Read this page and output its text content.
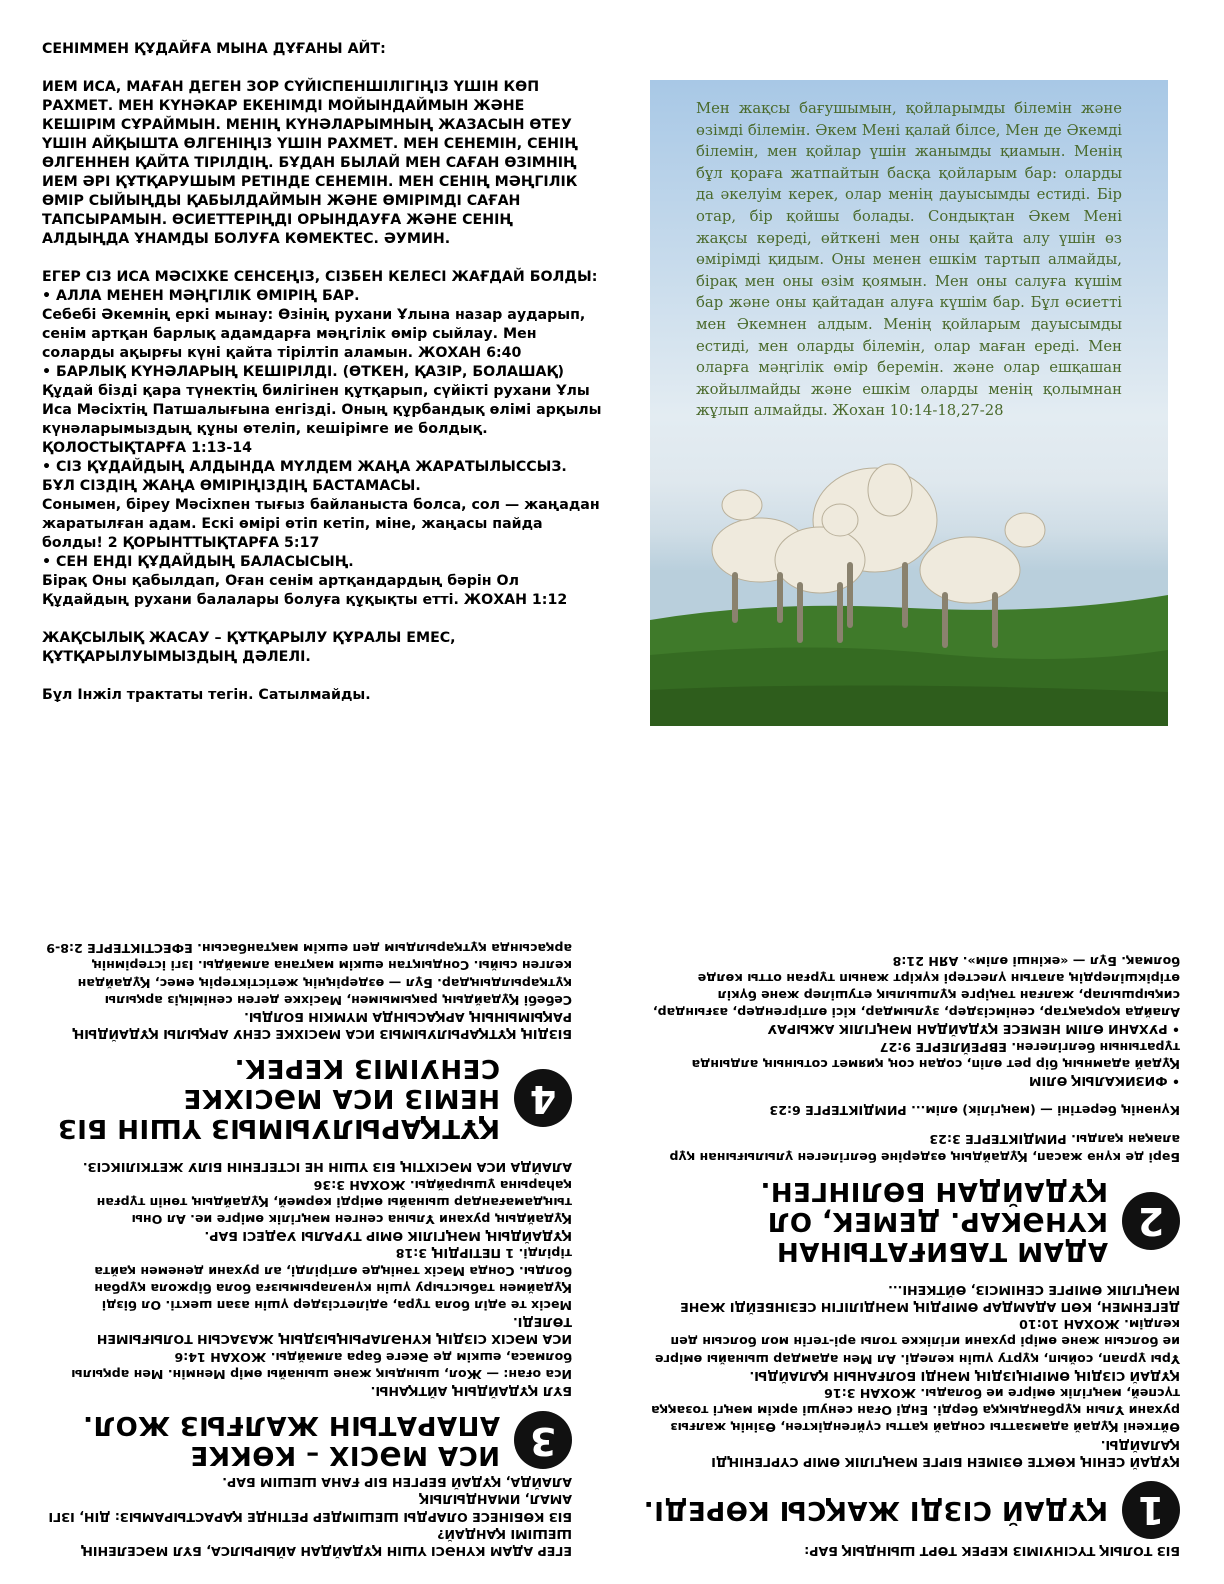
СЕНІММЕН ҚҰДАЙҒА МЫНА ДҰҒАНЫ АЙТ:

ИЕМ ИСА, МАҒАН ДЕГЕН ЗОР СҮЙІСПЕНШІЛІГІҢІЗ ҮШІН КӨП РАХМЕТ. МЕН КҮНӘКАР ЕКЕНІМДІ МОЙЫНДАЙМЫН ЖӘНЕ КЕШІРІМ СҰРАЙМЫН. МЕНІҢ КҮНӘЛАРЫМНЫҢ ЖАЗАСЫН ӨТЕУ ҮШІН АЙҚЫШТА ӨЛГЕНІҢІЗ ҮШІН РАХМЕТ. МЕН СЕНЕМІН, СЕНІҢ ӨЛГЕННЕН ҚАЙТА ТІРІЛДІҢ. БҰДАН БЫЛАЙ МЕН САҒАН ӨЗІМНІҢ ИЕМ ӘРІ ҚҰТҚАРУШЫМ РЕТІНДЕ СЕНЕМІН. МЕН СЕНІҢ МӘҢГІЛІК ӨМІР СЫЙЫҢДЫ ҚАБЫЛДАЙМЫН ЖӘНЕ ӨМІРІМДІ САҒАН ТАПСЫРАМЫН. ӨСИЕТТЕРІҢДІ ОРЫНДАУҒА ЖӘНЕ СЕНІҢ АЛДЫҢДА ҰНАМДЫ БОЛУҒА КӨМЕКТЕС. ӘУМИН.

ЕГЕР СІЗ ИСА МӘСІХКЕ СЕНСЕҢІЗ, СІЗБЕН КЕЛЕСІ ЖАҒДАЙ БОЛДЫ:
• АЛЛА МЕНЕН МӘҢГІЛІК ӨМІРІҢ БАР.
Себебі Әкемнің еркі мынау: Өзінің рухани Ұлына назар аударып, сенім артқан барлық адамдарға мәңгілік өмір сыйлау. Мен соларды ақырғы күні қайта тірілтіп аламын. ЖОХАН 6:40
• БАРЛЫҚ КҮНӘЛАРЫҢ КЕШІРІЛДІ. (ӨТКЕН, ҚАЗІР, БОЛАШАҚ)
Құдай бізді қара түнектің билігінен құтқарып, сүйікті рухани Ұлы Иса Мәсіхтің Патшалығына енгізді. Оның құрбандық өлімі арқылы күнәларымыздың құны өтеліп, кешірімге ие болдық. ҚОЛОСТЫҚТАРҒА 1:13-14
• СІЗ ҚҰДАЙДЫҢ АЛДЫНДА МҮЛДЕМ ЖАҢА ЖАРАТЫЛЫССЫЗ. БҰЛ СІЗДІҢ ЖАҢА ӨМІРІҢІЗДІҢ БАСТАМАСЫ.
Сонымен, біреу Мәсіхпен тығыз байланыста болса, сол — жаңадан жаратылған адам. Ескі өмірі өтіп кетіп, міне, жаңасы пайда болды! 2 ҚОРЫНТТЫҚТАРҒА 5:17
• СЕН ЕНДІ ҚҰДАЙДЫҢ БАЛАСЫСЫҢ.

Бірақ Оны қабылдап, Оған сенім артқандардың бәрін Ол Құдайдың рухани балалары болуға құқықты етті. ЖОХАН 1:12

ЖАҚСЫЛЫҚ ЖАСАУ – ҚҰТҚАРЫЛУ ҚҰРАЛЫ ЕМЕС, ҚҰТҚАРЫЛУЫМЫЗДЫҢ ДӘЛЕЛІ.

Бұл Інжіл трактаты тегін. Сатылмайды.

Мен жақсы бағушымын, қойларымды білемін және өзімді білемін. Әкем Мені қалай білсе, Мен де Әкемді білемін, мен қойлар үшін жанымды қиамын. Менің бұл қораға жатпайтын басқа қойларым бар: оларды да әкелуім керек, олар менің дауысымды естиді. Бір отар, бір қойшы болады. Сондықтан Әкем Мені жақсы көреді, өйткені мен оны қайта алу үшін өз өмірімді қидым. Оны менен ешкім тартып алмайды, бірақ мен оны өзім қоямын. Мен оны салуға күшім бар және оны қайтадан алуға күшім бар. Бұл өсиетті мен Әкемнен алдым. Менің қойларым дауысымды естиді, мен оларды білемін, олар маған ереді. Мен оларға мәңгілік өмір беремін. және олар ешқашан жойылмайды және ешкім оларды менің қолымнан жұлып алмайды. Жохан 10:14-18,27-28
БІЗ ТОЛЫҚ ТҮСІНУІМІЗ КЕРЕК ТӨРТ ШЫНДЫҚ БАР:
1
ҚҰДАЙ СІЗДІ ЖАҚСЫ КӨРЕДІ.
ҚҰДАЙ СЕНІҢ КӨКТЕ ӨЗІМЕН БІРГЕ МӘҢГІЛІК ӨМІР СҮРГЕНІҢДІ ҚАЛАЙДЫ.
Өйткені Құдай адамзатты сондай қатты сүйгендіктен, Өзінің жалғыз рухани Ұлын құрбандыққа берді. Енді Оған сенуші әркім мәңгі тозаққа түспей, мәңгілік өмірге ие болады. ЖОХАН 3:16
ҚҰДАЙ СІЗДІҢ ӨМІРІҢІЗДІҢ МӘНДІ БОЛҒАНЫН ҚАЛАЙДЫ.
Ұры ұрлап, сойып, құрту үшін келеді. Ал Мен адамдар шынайы өмірге ие болсын және өмірі рухани игілікке толы әрі-тегін мол болсын деп келдім. ЖОХАН 10:10
ДЕГЕНМЕН, КӨП АДАМДАР ӨМІРДІҢ МӘНДІЛІГІН СЕЗІНБЕЙДІ ЖӘНЕ МӘҢГІЛІК ӨМІРГЕ СЕНІМСІЗ, ӨЙТКЕНІ...
2
АДАМ ТАБИҒАТЫНАН КҮНӘКАР. ДЕМЕК, ОЛ ҚҰДАЙДАН БӨЛІНГЕН.
Бәрі де күнә жасап, Құдайдың өздеріне белгілеген ұлылығынан құр алақан қалды. РИМДІКТЕРГЕ 3:23
Күнәнің беретіні — (мәңгілік) өлім... РИМДІКТЕРГЕ 6:23
• ФИЗИКАЛЫҚ ӨЛІМ
Құдай адамның бір рет өліп, содан соң қиямет сотының алдында тұратынын белгілеген. ЕВРЕЙЛЕРГЕ 9:27
• РУХАНИ ӨЛІМ НЕМЕСЕ ҚҰДАЙДАН МӘҢГІЛІК АЖЫРАУ
Алайда қорқақтар, сенімсіздер, зұлымдар, кісі өлтіргендер, азғындар, сиқыршылар, жалған тәңірге құлшылық етушілер және бүкіл өтірікшілердің алатын үлестері күкірт жанып тұрған отты көлде болмақ. Бұл — «екінші өлім». АЯН 21:8
ЕГЕР АДАМ КҮНӘСІ ҮШІН ҚҰДАЙДАН АЙЫРЫЛСА, БҰЛ МӘСЕЛЕНІҢ ШЕШІМІ ҚАНДАЙ?
БІЗ КӨБІНЕСЕ ОЛАРДЫ ШЕШІМДЕР РЕТІНДЕ ҚАРАСТЫРАМЫЗ: ДІН, ІЗГІ АМАЛ, ИМАНДЫЛЫҚ
АЛАЙДА, ҚҰДАЙ БЕРГЕН БІР ҒАНА ШЕШІМ БАР.
3
ИСА МӘСІХ – КӨККЕ АПАРАТЫН ЖАЛҒЫЗ ЖОЛ.
БҰЛ ҚҰДАЙДЫҢ АЙТҚАНЫ.
Иса оған: — Жол, шындық және шынайы өмір Менмін. Мен арқылы болмаса, ешкім де Әкеге бара алмайды. ЖОХАН 14:6
ИСА МӘСІХ СІЗДІҢ КҮНӘЛАРЫҢЫЗДЫҢ ЖАЗАСЫН ТОЛЫҒЫМЕН ТӨЛЕДІ.
Мәсіх те әділ бола тұра, әділетсіздер үшін азап шекті. Ол бізді Құдаймен табыстыру үшін күнәларымызға бола біржола құрбан болды. Сонда Мәсіх тәніңде өлтірілді, ал рухани денемен қайта тірілді. 1 ПЕТІРДІҢ 3:18
ҚҰДАЙДЫҢ МӘҢГІЛІК ӨМІР ТУРАЛЫ УӘДЕСІ БАР.
Құдайдың рухани Ұлына сенген мәңгілік өмірге ие. Ал Оны тыңдамағандар шынайы өмірді көрмей, Құдайдың төніп тұрған қаһарына ұшырайды. ЖОХАН 3:36
АЛАЙДА ИСА МӘСІХТІҢ БІЗ ҮШІН НЕ ІСТЕГЕНІН БІЛУ ЖЕТКІЛІКСІЗ.
4
ҚҰТҚАРЫЛУЫМЫЗ ҮШІН БІЗ НЕМІЗ ИСА МӘСІХКЕ СЕНУІМІЗ КЕРЕК.
БІЗДІҢ ҚҰТҚАРЫЛУЫМЫЗ ИСА МӘСІХКЕ СЕНУ АРҚЫЛЫ ҚҰДАЙДЫҢ РАҚЫМЫНЫҢ АРҚАСЫНДА МҮМКІН БОЛДЫ.
Себебі Құдайдың рақымымен, Мәсіхке деген сеніміңіз арқылы құтқарылдыңдар. Бұл — өздеріңнің жетістіктерің емес, Құдайдан келген сыйы. Сондықтан ешкім мақтана алмайды. Ізгі істерімнің арқасында құтқарылдым деп ешкім мақтанбасын. ЕФЕСТІКТЕРГЕ 2:8-9
